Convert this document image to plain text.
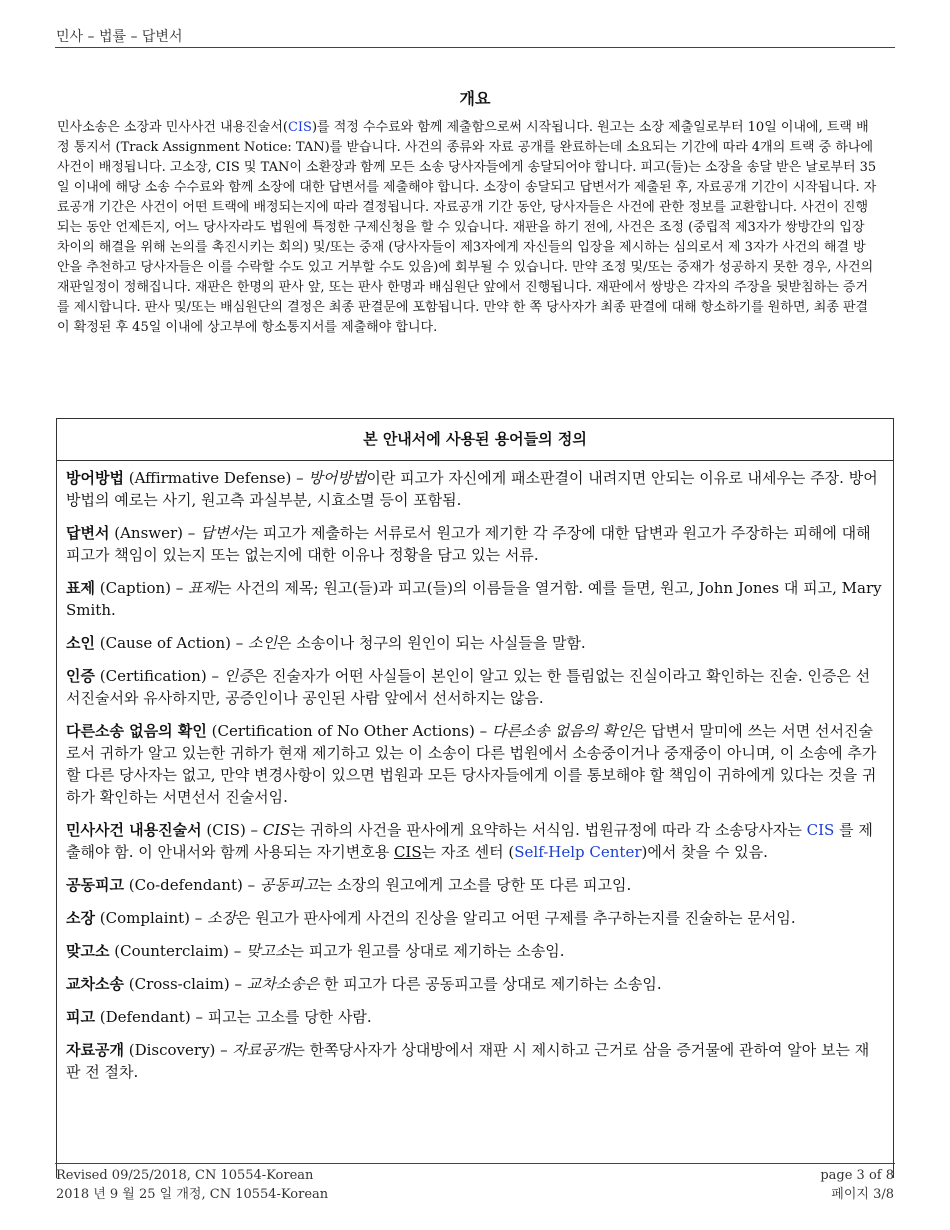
민사 – 법률 – 답변서
개요

민사소송은 소장과 민사사건 내용진술서(CIS)를 적정 수수료와 함께 제출함으로써 시작됩니다. 원고는 소장 제출일로부터 10일 이내에, 트랙 배정 통지서 (Track Assignment Notice: TAN)를 받습니다. 사건의 종류와 자료 공개를 완료하는데 소요되는 기간에 따라 4개의 트랙 중 하나에 사건이 배정됩니다. 고소장, CIS 및 TAN이 소환장과 함께 모든 소송 당사자들에게 송달되어야 합니다. 피고(들)는 소장을 송달 받은 날로부터 35일 이내에 해당 소송 수수료와 함께 소장에 대한 답변서를 제출해야 합니다. 소장이 송달되고 답변서가 제출된 후, 자료공개 기간이 시작됩니다. 자료공개 기간은 사건이 어떤 트랙에 배정되는지에 따라 결정됩니다. 자료공개 기간 동안, 당사자들은 사건에 관한 정보를 교환합니다. 사건이 진행되는 동안 언제든지, 어느 당사자라도 법원에 특정한 구제신청을 할 수 있습니다. 재판을 하기 전에, 사건은 조정 (중립적 제3자가 쌍방간의 입장 차이의 해결을 위해 논의를 촉진시키는 회의) 및/또는 중재 (당사자들이 제3자에게 자신들의 입장을 제시하는 심의로서 제 3자가 사건의 해결 방안을 추천하고 당사자들은 이를 수락할 수도 있고 거부할 수도 있음)에 회부될 수 있습니다. 만약 조정 및/또는 중재가 성공하지 못한 경우, 사건의 재판일정이 정해집니다. 재판은 한명의 판사 앞, 또는 판사 한명과 배심원단 앞에서 진행됩니다. 재판에서 쌍방은 각자의 주장을 뒷받침하는 증거를 제시합니다. 판사 및/또는 배심원단의 결정은 최종 판결문에 포함됩니다. 만약 한 쪽 당사자가 최종 판결에 대해 항소하기를 원하면, 최종 판결이 확정된 후 45일 이내에 상고부에 항소통지서를 제출해야 합니다.

본 안내서에 사용된 용어들의 정의

방어방법 (Affirmative Defense) – 방어방법이란 피고가 자신에게 패소판결이 내려지면 안되는 이유로 내세우는 주장. 방어방법의 예로는 사기, 원고측 과실부분, 시효소멸 등이 포함됨.

답변서 (Answer) – 답변서는 피고가 제출하는 서류로서 원고가 제기한 각 주장에 대한 답변과 원고가 주장하는 피해에 대해 피고가 책임이 있는지 또는 없는지에 대한 이유나 정황을 담고 있는 서류.

표제 (Caption) – 표제는 사건의 제목; 원고(들)과 피고(들)의 이름들을 열거함. 예를 들면, 원고, John Jones 대 피고, Mary Smith.

소인 (Cause of Action) – 소인은 소송이나 청구의 원인이 되는 사실들을 말함.

인증 (Certification) – 인증은 진술자가 어떤 사실들이 본인이 알고 있는 한 틀림없는 진실이라고 확인하는 진술. 인증은 선서진술서와 유사하지만, 공증인이나 공인된 사람 앞에서 선서하지는 않음.

다른소송 없음의 확인 (Certification of No Other Actions) – 다른소송 없음의 확인은 답변서 말미에 쓰는 서면 선서진술로서 귀하가 알고 있는한 귀하가 현재 제기하고 있는 이 소송이 다른 법원에서 소송중이거나 중재중이 아니며, 이 소송에 추가할 다른 당사자는 없고, 만약 변경사항이 있으면 법원과 모든 당사자들에게 이를 통보해야 할 책임이 귀하에게 있다는 것을 귀하가 확인하는 서면선서 진술서임.

민사사건 내용진술서 (CIS) – CIS는 귀하의 사건을 판사에게 요약하는 서식임. 법원규정에 따라 각 소송당사자는 CIS 를 제출해야 함. 이 안내서와 함께 사용되는 자기변호용 CIS는 자조 센터 (Self-Help Center)에서 찾을 수 있음.

공동피고 (Co-defendant) – 공동피고는 소장의 원고에게 고소를 당한 또 다른 피고임.

소장 (Complaint) – 소장은 원고가 판사에게 사건의 진상을 알리고 어떤 구제를 추구하는지를 진술하는 문서임.

맞고소 (Counterclaim) – 맞고소는 피고가 원고를 상대로 제기하는 소송임.

교차소송 (Cross-claim) – 교차소송은 한 피고가 다른 공동피고를 상대로 제기하는 소송임.

피고 (Defendant) – 피고는 고소를 당한 사람.

자료공개 (Discovery) – 자료공개는 한쪽당사자가 상대방에서 재판 시 제시하고 근거로 삼을 증거물에 관하여 알아 보는 재판 전 절차.

Revised 09/25/2018, CN 10554-Korean
2018 년 9 월 25 일 개정, CN 10554-Korean
page 3 of 8
페이지 3/8
